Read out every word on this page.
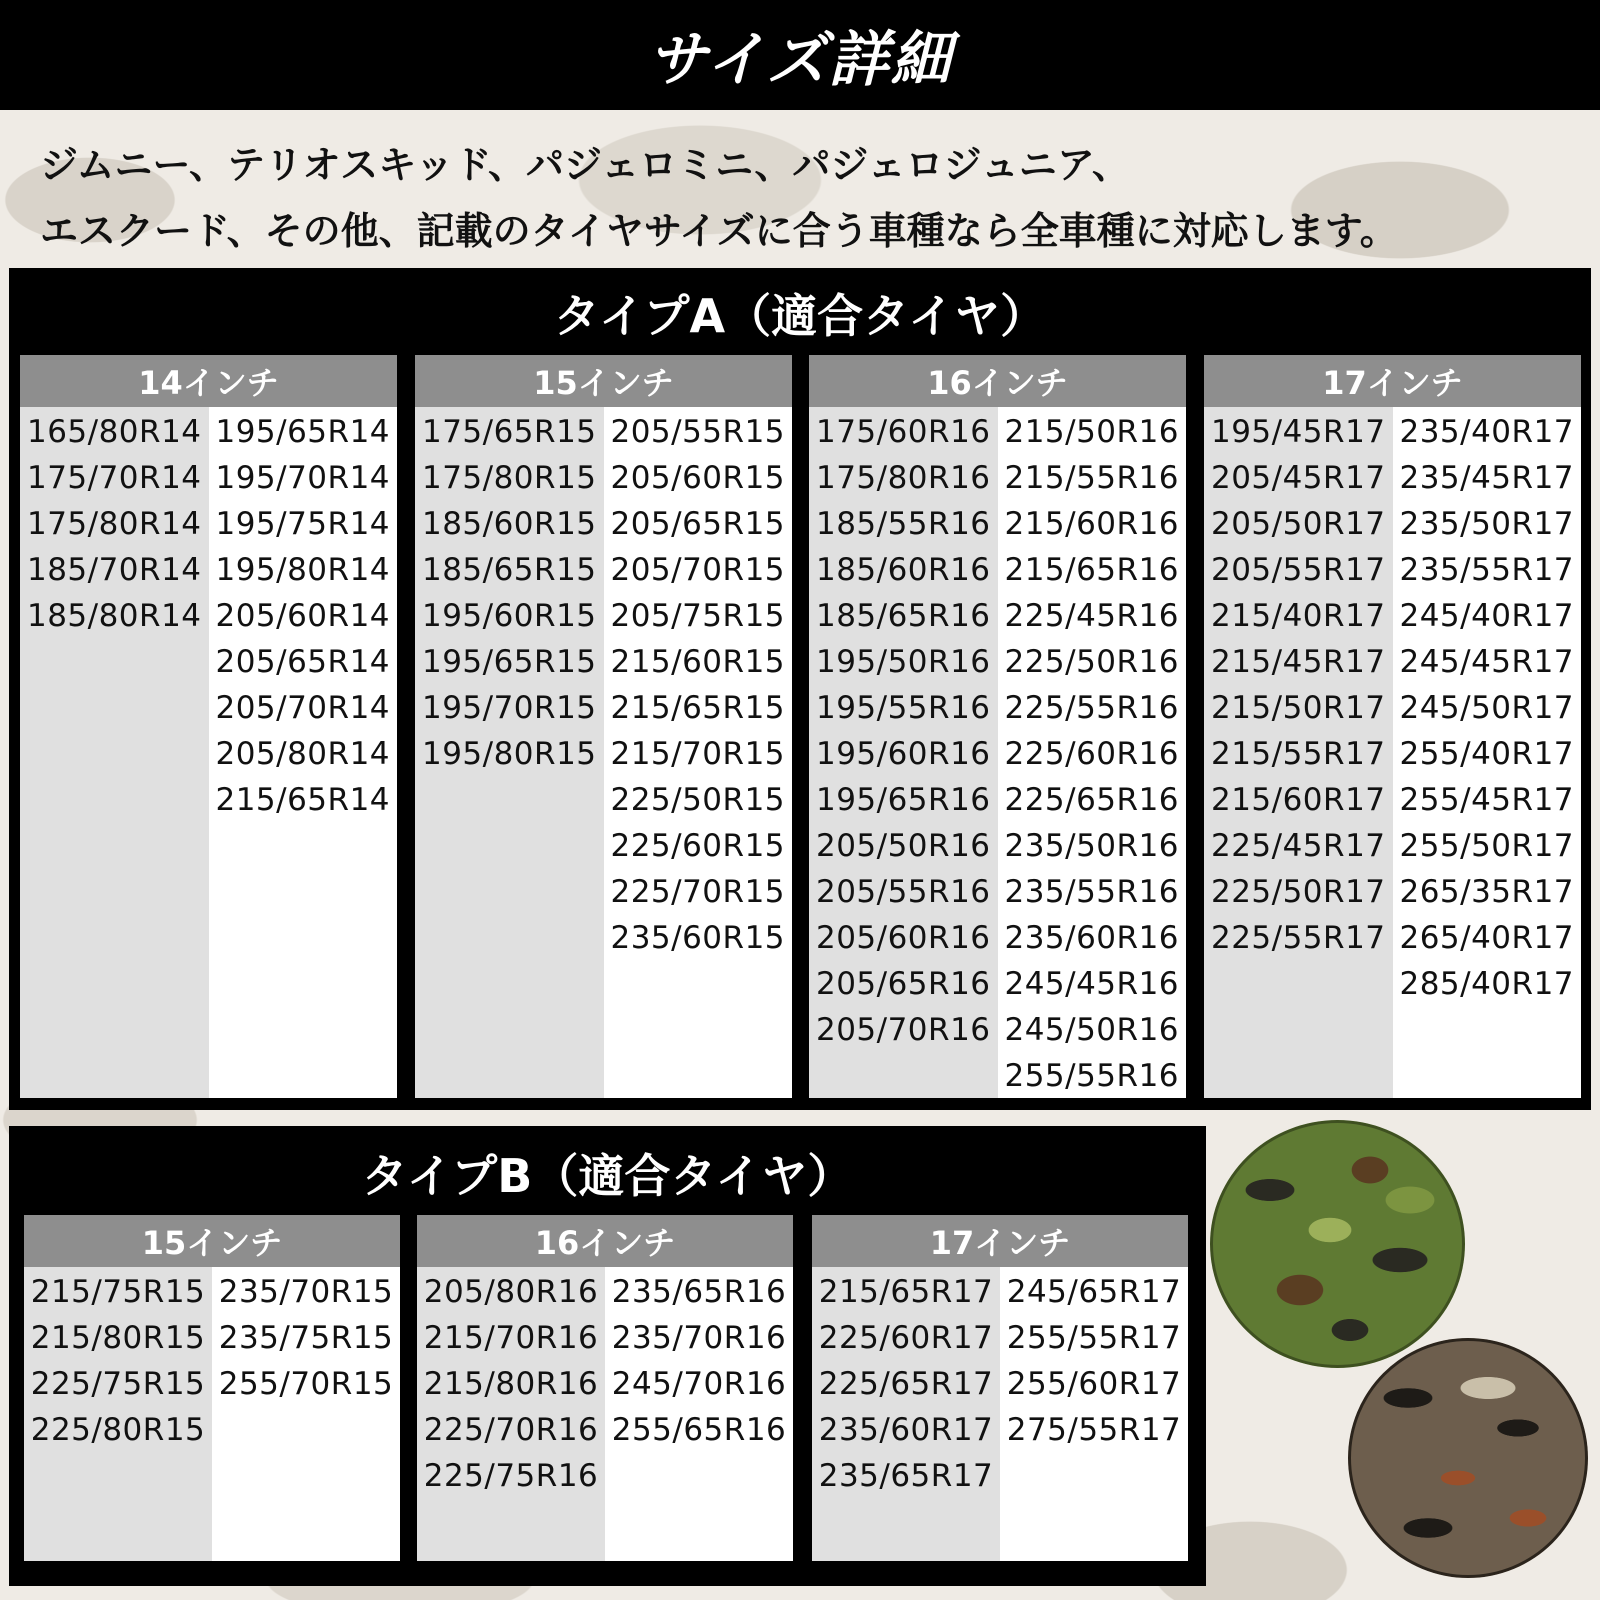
サイズ詳細
ジムニー、テリオスキッド、パジェロミニ、パジェロジュニア、
エスクード、その他、記載のタイヤサイズに合う車種なら全車種に対応します。
タイプA（適合タイヤ）
14インチ
165/80R14
175/70R14
175/80R14
185/70R14
185/80R14
195/65R14
195/70R14
195/75R14
195/80R14
205/60R14
205/65R14
205/70R14
205/80R14
215/65R14
15インチ
175/65R15
175/80R15
185/60R15
185/65R15
195/60R15
195/65R15
195/70R15
195/80R15
205/55R15
205/60R15
205/65R15
205/70R15
205/75R15
215/60R15
215/65R15
215/70R15
225/50R15
225/60R15
225/70R15
235/60R15
16インチ
175/60R16
175/80R16
185/55R16
185/60R16
185/65R16
195/50R16
195/55R16
195/60R16
195/65R16
205/50R16
205/55R16
205/60R16
205/65R16
205/70R16
215/50R16
215/55R16
215/60R16
215/65R16
225/45R16
225/50R16
225/55R16
225/60R16
225/65R16
235/50R16
235/55R16
235/60R16
245/45R16
245/50R16
255/55R16
17インチ
195/45R17
205/45R17
205/50R17
205/55R17
215/40R17
215/45R17
215/50R17
215/55R17
215/60R17
225/45R17
225/50R17
225/55R17
235/40R17
235/45R17
235/50R17
235/55R17
245/40R17
245/45R17
245/50R17
255/40R17
255/45R17
255/50R17
265/35R17
265/40R17
285/40R17
タイプB（適合タイヤ）
15インチ
215/75R15
215/80R15
225/75R15
225/80R15
235/70R15
235/75R15
255/70R15
16インチ
205/80R16
215/70R16
215/80R16
225/70R16
225/75R16
235/65R16
235/70R16
245/70R16
255/65R16
17インチ
215/65R17
225/60R17
225/65R17
235/60R17
235/65R17
245/65R17
255/55R17
255/60R17
275/55R17
